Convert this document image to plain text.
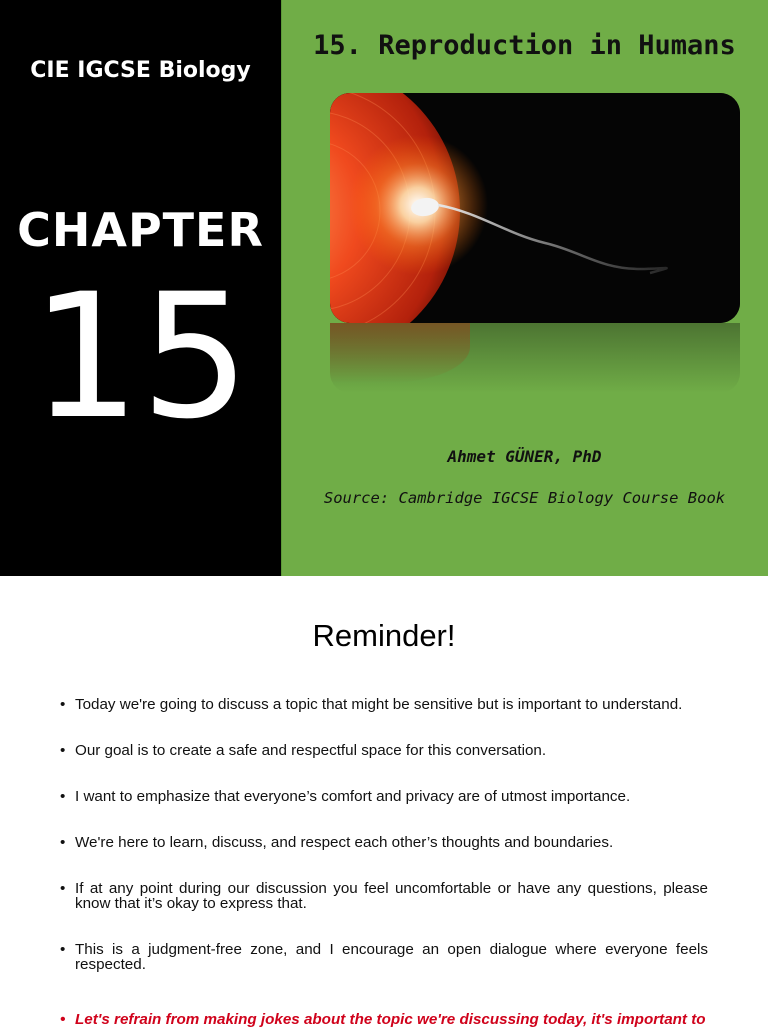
CIE IGCSE Biology
CHAPTER
15
15. Reproduction in Humans
Ahmet GÜNER, PhD
Source: Cambridge IGCSE Biology Course Book
Reminder!
• Today we're going to discuss a topic that might be sensitive but is important to understand.
• Our goal is to create a safe and respectful space for this conversation.
• I want to emphasize that everyone’s comfort and privacy are of utmost importance.
• We're here to learn, discuss, and respect each other’s thoughts and boundaries.
• If at any point during our discussion you feel uncomfortable or have any questions, please know that it’s okay to express that.
• This is a judgment-free zone, and I encourage an open dialogue where everyone feels respected.
• Let's refrain from making jokes about the topic we're discussing today, it's important to
